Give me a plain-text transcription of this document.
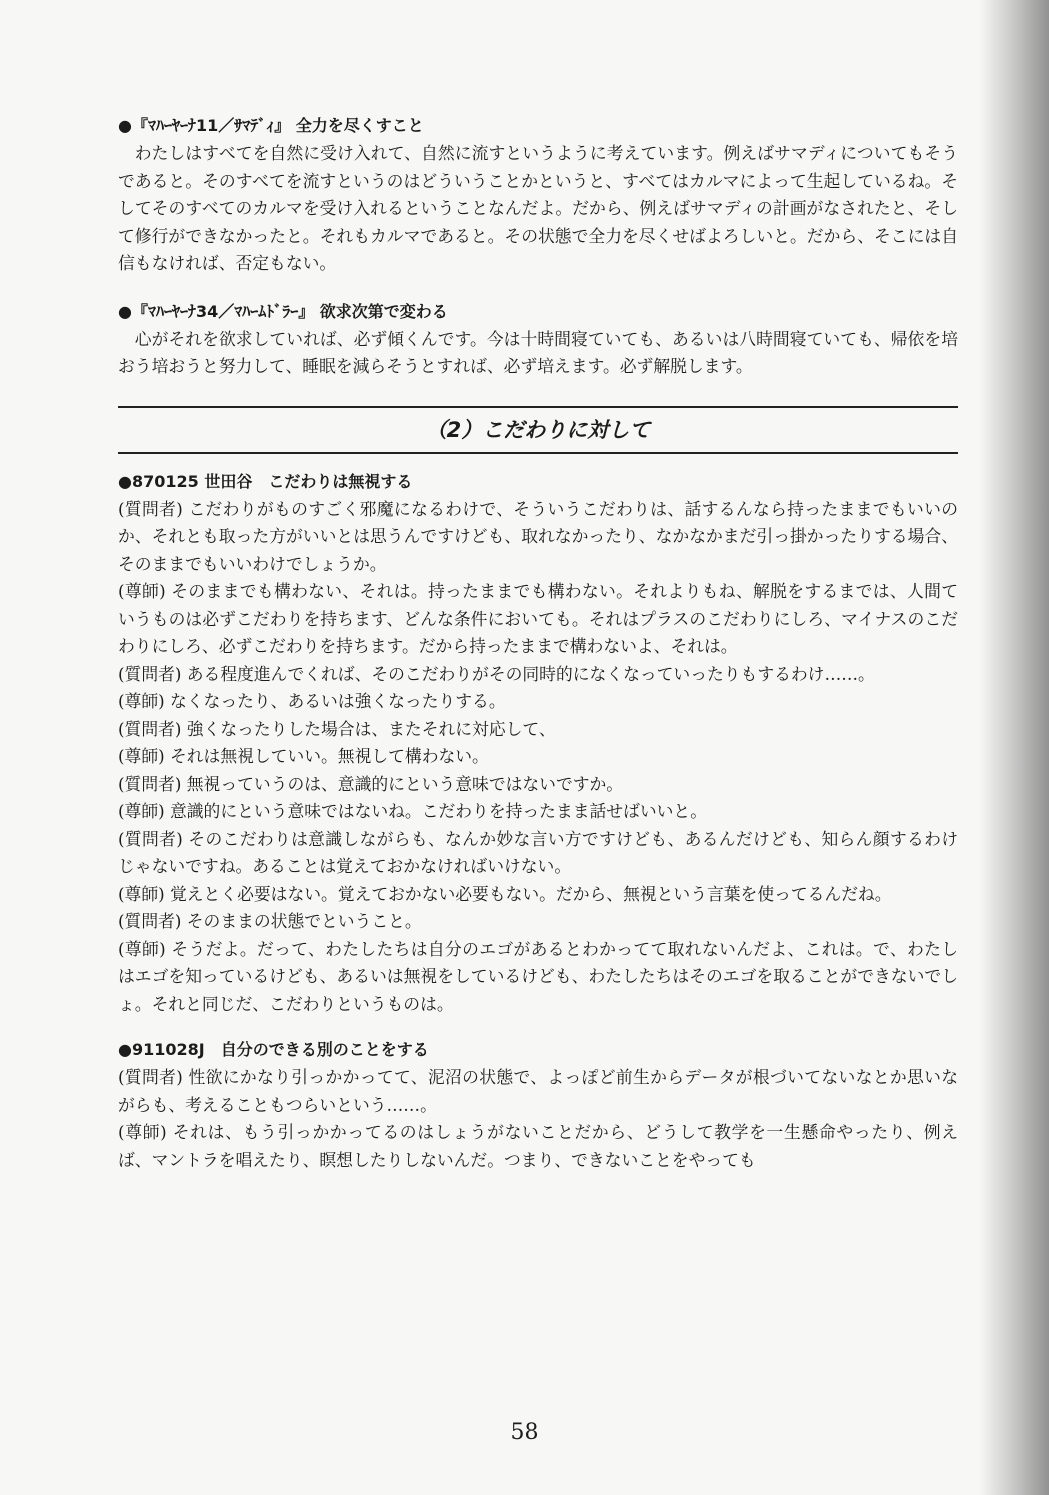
●『ﾏﾊｰﾔｰﾅ11／ｻﾏﾃﾞｨ』 全力を尽くすこと

わたしはすべてを自然に受け入れて、自然に流すというように考えています。例えばサマディについてもそうであると。そのすべてを流すというのはどういうことかというと、すべてはカルマによって生起しているね。そしてそのすべてのカルマを受け入れるということなんだよ。だから、例えばサマディの計画がなされたと、そして修行ができなかったと。それもカルマであると。その状態で全力を尽くせばよろしいと。だから、そこには自信もなければ、否定もない。

●『ﾏﾊｰﾔｰﾅ34／ﾏﾊｰﾑﾄﾞﾗｰ』 欲求次第で変わる

心がそれを欲求していれば、必ず傾くんです。今は十時間寝ていても、あるいは八時間寝ていても、帰依を培おう培おうと努力して、睡眠を減らそうとすれば、必ず培えます。必ず解脱します。

（2）こだわりに対して

●870125 世田谷　こだわりは無視する

(質問者) こだわりがものすごく邪魔になるわけで、そういうこだわりは、話するんなら持ったままでもいいのか、それとも取った方がいいとは思うんですけども、取れなかったり、なかなかまだ引っ掛かったりする場合、そのままでもいいわけでしょうか。

(尊師) そのままでも構わない、それは。持ったままでも構わない。それよりもね、解脱をするまでは、人間ていうものは必ずこだわりを持ちます、どんな条件においても。それはプラスのこだわりにしろ、マイナスのこだわりにしろ、必ずこだわりを持ちます。だから持ったままで構わないよ、それは。

(質問者) ある程度進んでくれば、そのこだわりがその同時的になくなっていったりもするわけ……。

(尊師) なくなったり、あるいは強くなったりする。

(質問者) 強くなったりした場合は、またそれに対応して、

(尊師) それは無視していい。無視して構わない。

(質問者) 無視っていうのは、意識的にという意味ではないですか。

(尊師) 意識的にという意味ではないね。こだわりを持ったまま話せばいいと。

(質問者) そのこだわりは意識しながらも、なんか妙な言い方ですけども、あるんだけども、知らん顔するわけじゃないですね。あることは覚えておかなければいけない。

(尊師) 覚えとく必要はない。覚えておかない必要もない。だから、無視という言葉を使ってるんだね。

(質問者) そのままの状態でということ。

(尊師) そうだよ。だって、わたしたちは自分のエゴがあるとわかってて取れないんだよ、これは。で、わたしはエゴを知っているけども、あるいは無視をしているけども、わたしたちはそのエゴを取ることができないでしょ。それと同じだ、こだわりというものは。

●911028J　自分のできる別のことをする

(質問者) 性欲にかなり引っかかってて、泥沼の状態で、よっぽど前生からデータが根づいてないなとか思いながらも、考えることもつらいという……。

(尊師) それは、もう引っかかってるのはしょうがないことだから、どうして教学を一生懸命やったり、例えば、マントラを唱えたり、瞑想したりしないんだ。つまり、できないことをやっても

58
